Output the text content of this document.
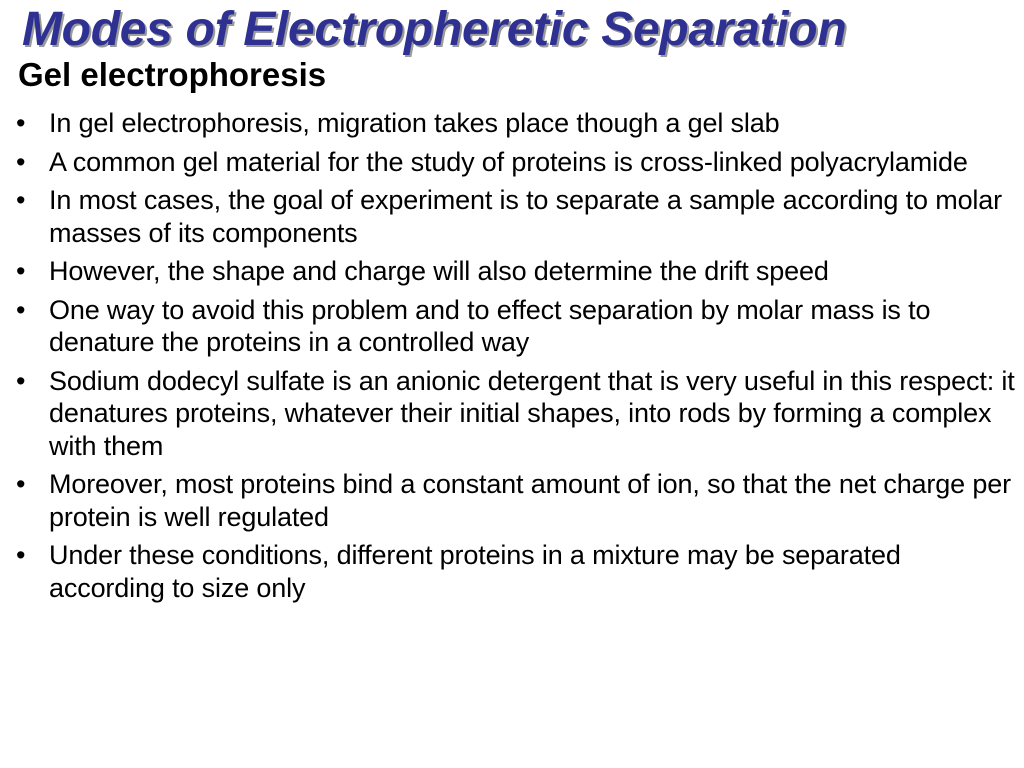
Modes of Electropheretic Separation
Gel electrophoresis
• In gel electrophoresis, migration takes place though a gel slab
• A common gel material for the study of proteins is cross-linked polyacrylamide
• In most cases, the goal of experiment is to separate a sample according to molar masses of its components
• However, the shape and charge will also determine the drift speed
• One way to avoid this problem and to effect separation by molar mass is to denature the proteins in a controlled way
• Sodium dodecyl sulfate is an anionic detergent that is very useful in this respect: it denatures proteins, whatever their initial shapes, into rods by forming a complex with them
• Moreover, most proteins bind a constant amount of ion, so that the net charge per protein is well regulated
• Under these conditions, different proteins in a mixture may be separated according to size only
